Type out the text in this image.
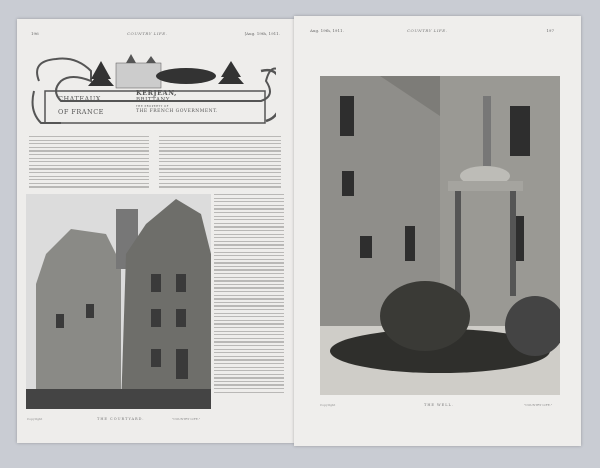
196	COUNTRY LIFE.	[Aug. 19th, 1911.
CHATEAUX
OF FRANCE
KERJEAN,
BRITTANY.
THE PROPERTY OF
THE FRENCH GOVERNMENT.
Copyright	THE COURTYARD.	"COUNTRY LIFE."
Aug. 19th, 1911.	COUNTRY LIFE.	197
Copyright	THE WELL.	"COUNTRY LIFE."
